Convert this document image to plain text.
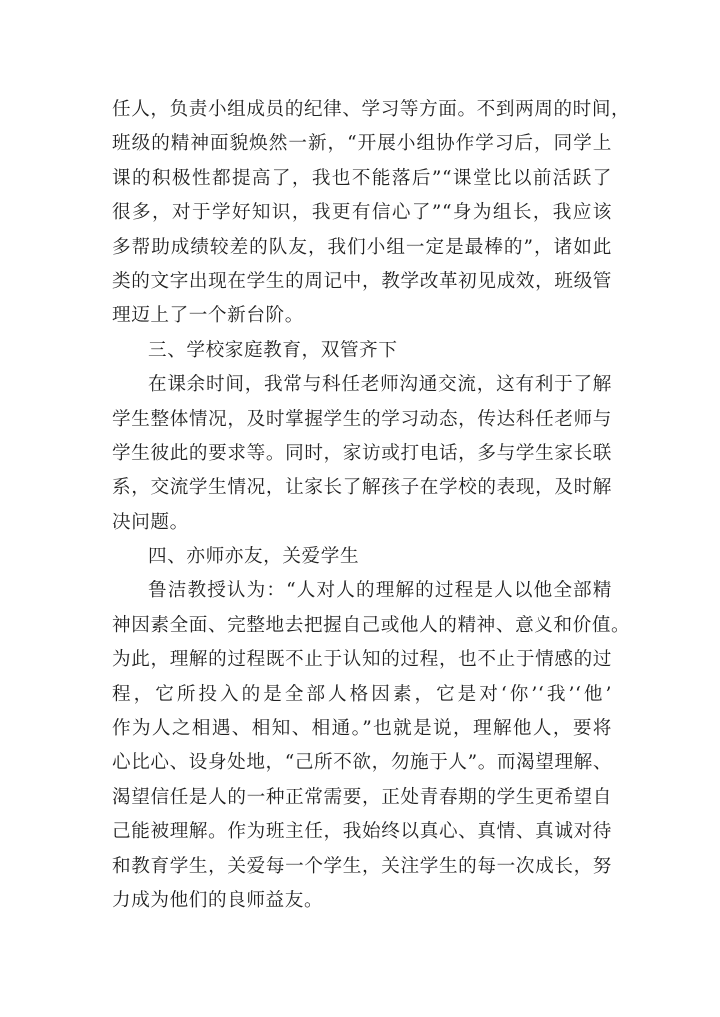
任人，负责小组成员的纪律、学习等方面。不到两周的时间，
班级的精神面貌焕然一新，“开展小组协作学习后，同学上
课的积极性都提高了，我也不能落后”“课堂比以前活跃了
很多，对于学好知识，我更有信心了”“身为组长，我应该
多帮助成绩较差的队友，我们小组一定是最棒的”，诸如此
类的文字出现在学生的周记中，教学改革初见成效，班级管
理迈上了一个新台阶。
三、学校家庭教育，双管齐下
在课余时间，我常与科任老师沟通交流，这有利于了解
学生整体情况，及时掌握学生的学习动态，传达科任老师与
学生彼此的要求等。同时，家访或打电话，多与学生家长联
系，交流学生情况，让家长了解孩子在学校的表现，及时解
决问题。
四、亦师亦友，关爱学生
鲁洁教授认为：“人对人的理解的过程是人以他全部精
神因素全面、完整地去把握自己或他人的精神、意义和价值。
为此，理解的过程既不止于认知的过程，也不止于情感的过
程，它所投入的是全部人格因素，它是对‘你’‘我’‘他’
作为人之相遇、相知、相通。”也就是说，理解他人，要将
心比心、设身处地，“己所不欲，勿施于人”。而渴望理解、
渴望信任是人的一种正常需要，正处青春期的学生更希望自
己能被理解。作为班主任，我始终以真心、真情、真诚对待
和教育学生，关爱每一个学生，关注学生的每一次成长，努
力成为他们的良师益友。
